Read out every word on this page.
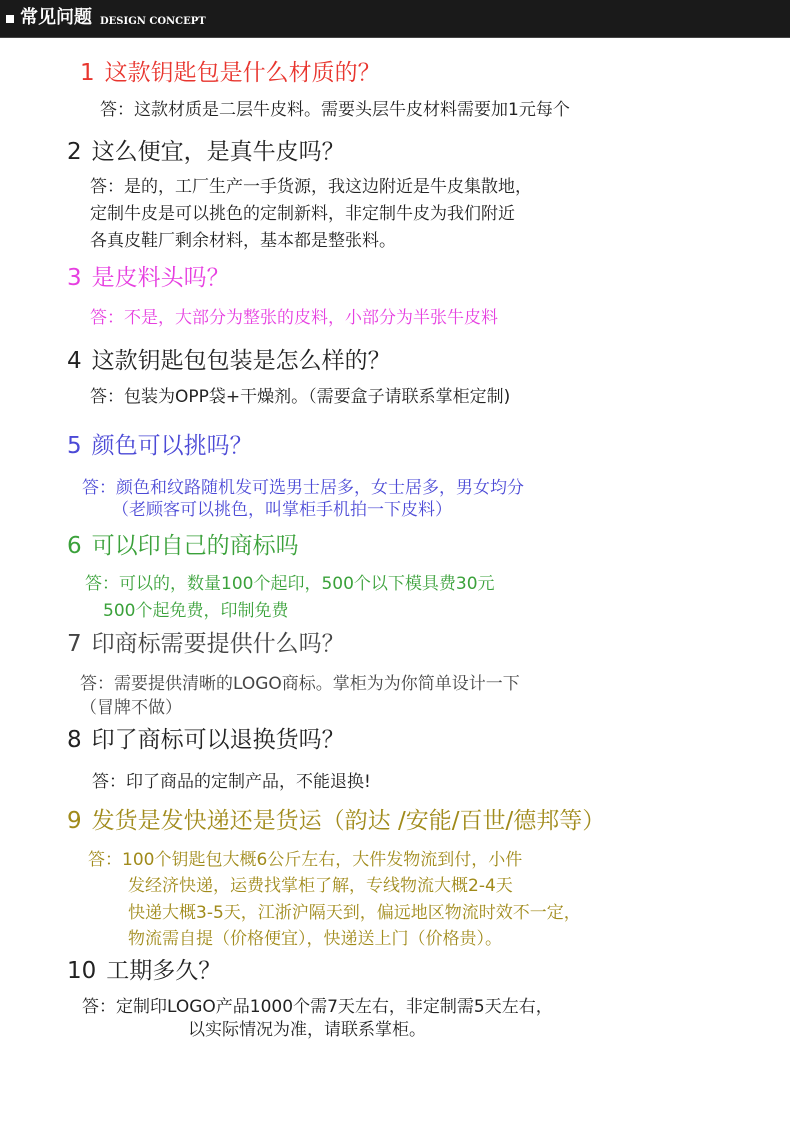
常见问题 DESIGN CONCEPT

1 这款钥匙包是什么材质的？

答：这款材质是二层牛皮料。需要头层牛皮材料需要加1元每个

2 这么便宜，是真牛皮吗？

答：是的，工厂生产一手货源，我这边附近是牛皮集散地，

定制牛皮是可以挑色的定制新料，非定制牛皮为我们附近

各真皮鞋厂剩余材料，基本都是整张料。

3 是皮料头吗？

答：不是，大部分为整张的皮料，小部分为半张牛皮料

4 这款钥匙包包装是怎么样的？

答：包装为OPP袋+干燥剂。（需要盒子请联系掌柜定制)

5 颜色可以挑吗？

答：颜色和纹路随机发可选男士居多，女士居多，男女均分

（老顾客可以挑色，叫掌柜手机拍一下皮料）

6 可以印自己的商标吗

答：可以的，数量100个起印，500个以下模具费30元

500个起免费，印制免费

7 印商标需要提供什么吗？

答：需要提供清晰的LOGO商标。掌柜为为你简单设计一下

（冒牌不做）

8 印了商标可以退换货吗？

答：印了商品的定制产品，不能退换!

9 发货是发快递还是货运（韵达 /安能/百世/德邦等）

答：100个钥匙包大概6公斤左右，大件发物流到付，小件

发经济快递，运费找掌柜了解，专线物流大概2-4天

快递大概3-5天，江浙沪隔天到，偏远地区物流时效不一定，

物流需自提（价格便宜），快递送上门（价格贵）。

10 工期多久？

答：定制印LOGO产品1000个需7天左右，非定制需5天左右，

以实际情况为准，请联系掌柜。
